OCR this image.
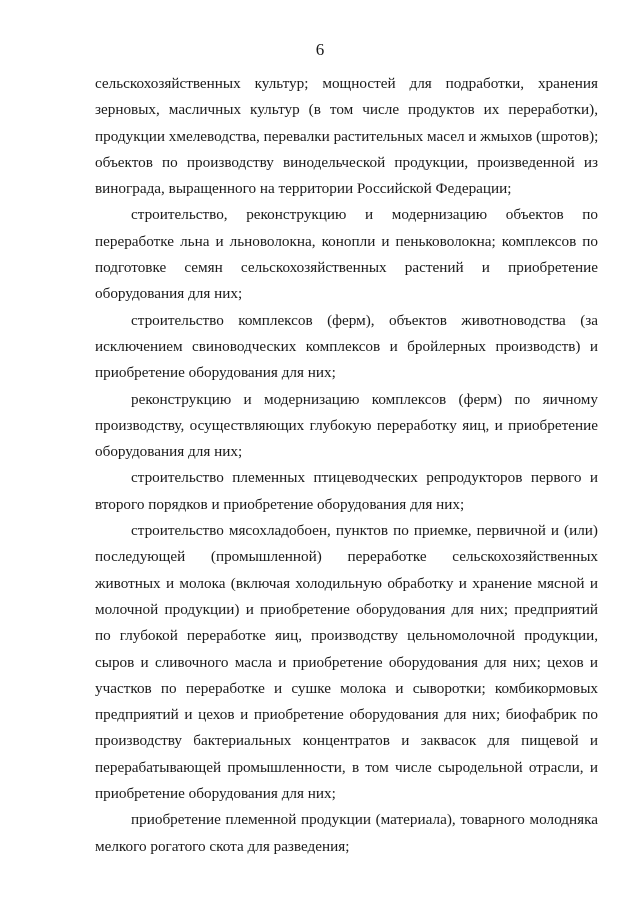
6
сельскохозяйственных культур; мощностей для подработки, хранения
зерновых, масличных культур (в том числе продуктов их переработки),
продукции хмелеводства, перевалки растительных масел и жмыхов (шротов);
объектов по производству винодельческой продукции, произведенной из
винограда, выращенного на территории Российской Федерации;
строительство, реконструкцию и модернизацию объектов по
переработке льна и льноволокна, конопли и пеньковолокна; комплексов по
подготовке семян сельскохозяйственных растений и приобретение
оборудования для них;
строительство комплексов (ферм), объектов животноводства (за
исключением свиноводческих комплексов и бройлерных производств) и
приобретение оборудования для них;
реконструкцию и модернизацию комплексов (ферм) по яичному
производству, осуществляющих глубокую переработку яиц, и приобретение
оборудования для них;
строительство племенных птицеводческих репродукторов первого и
второго порядков и приобретение оборудования для них;
строительство мясохладобоен, пунктов по приемке, первичной и (или)
последующей (промышленной) переработке сельскохозяйственных
животных и молока (включая холодильную обработку и хранение мясной и
молочной продукции) и приобретение оборудования для них; предприятий
по глубокой переработке яиц, производству цельномолочной продукции,
сыров и сливочного масла и приобретение оборудования для них; цехов и
участков по переработке и сушке молока и сыворотки; комбикормовых
предприятий и цехов и приобретение оборудования для них; биофабрик по
производству бактериальных концентратов и заквасок для пищевой и
перерабатывающей промышленности, в том числе сыродельной отрасли, и
приобретение оборудования для них;
приобретение племенной продукции (материала), товарного молодняка
мелкого рогатого скота для разведения;
